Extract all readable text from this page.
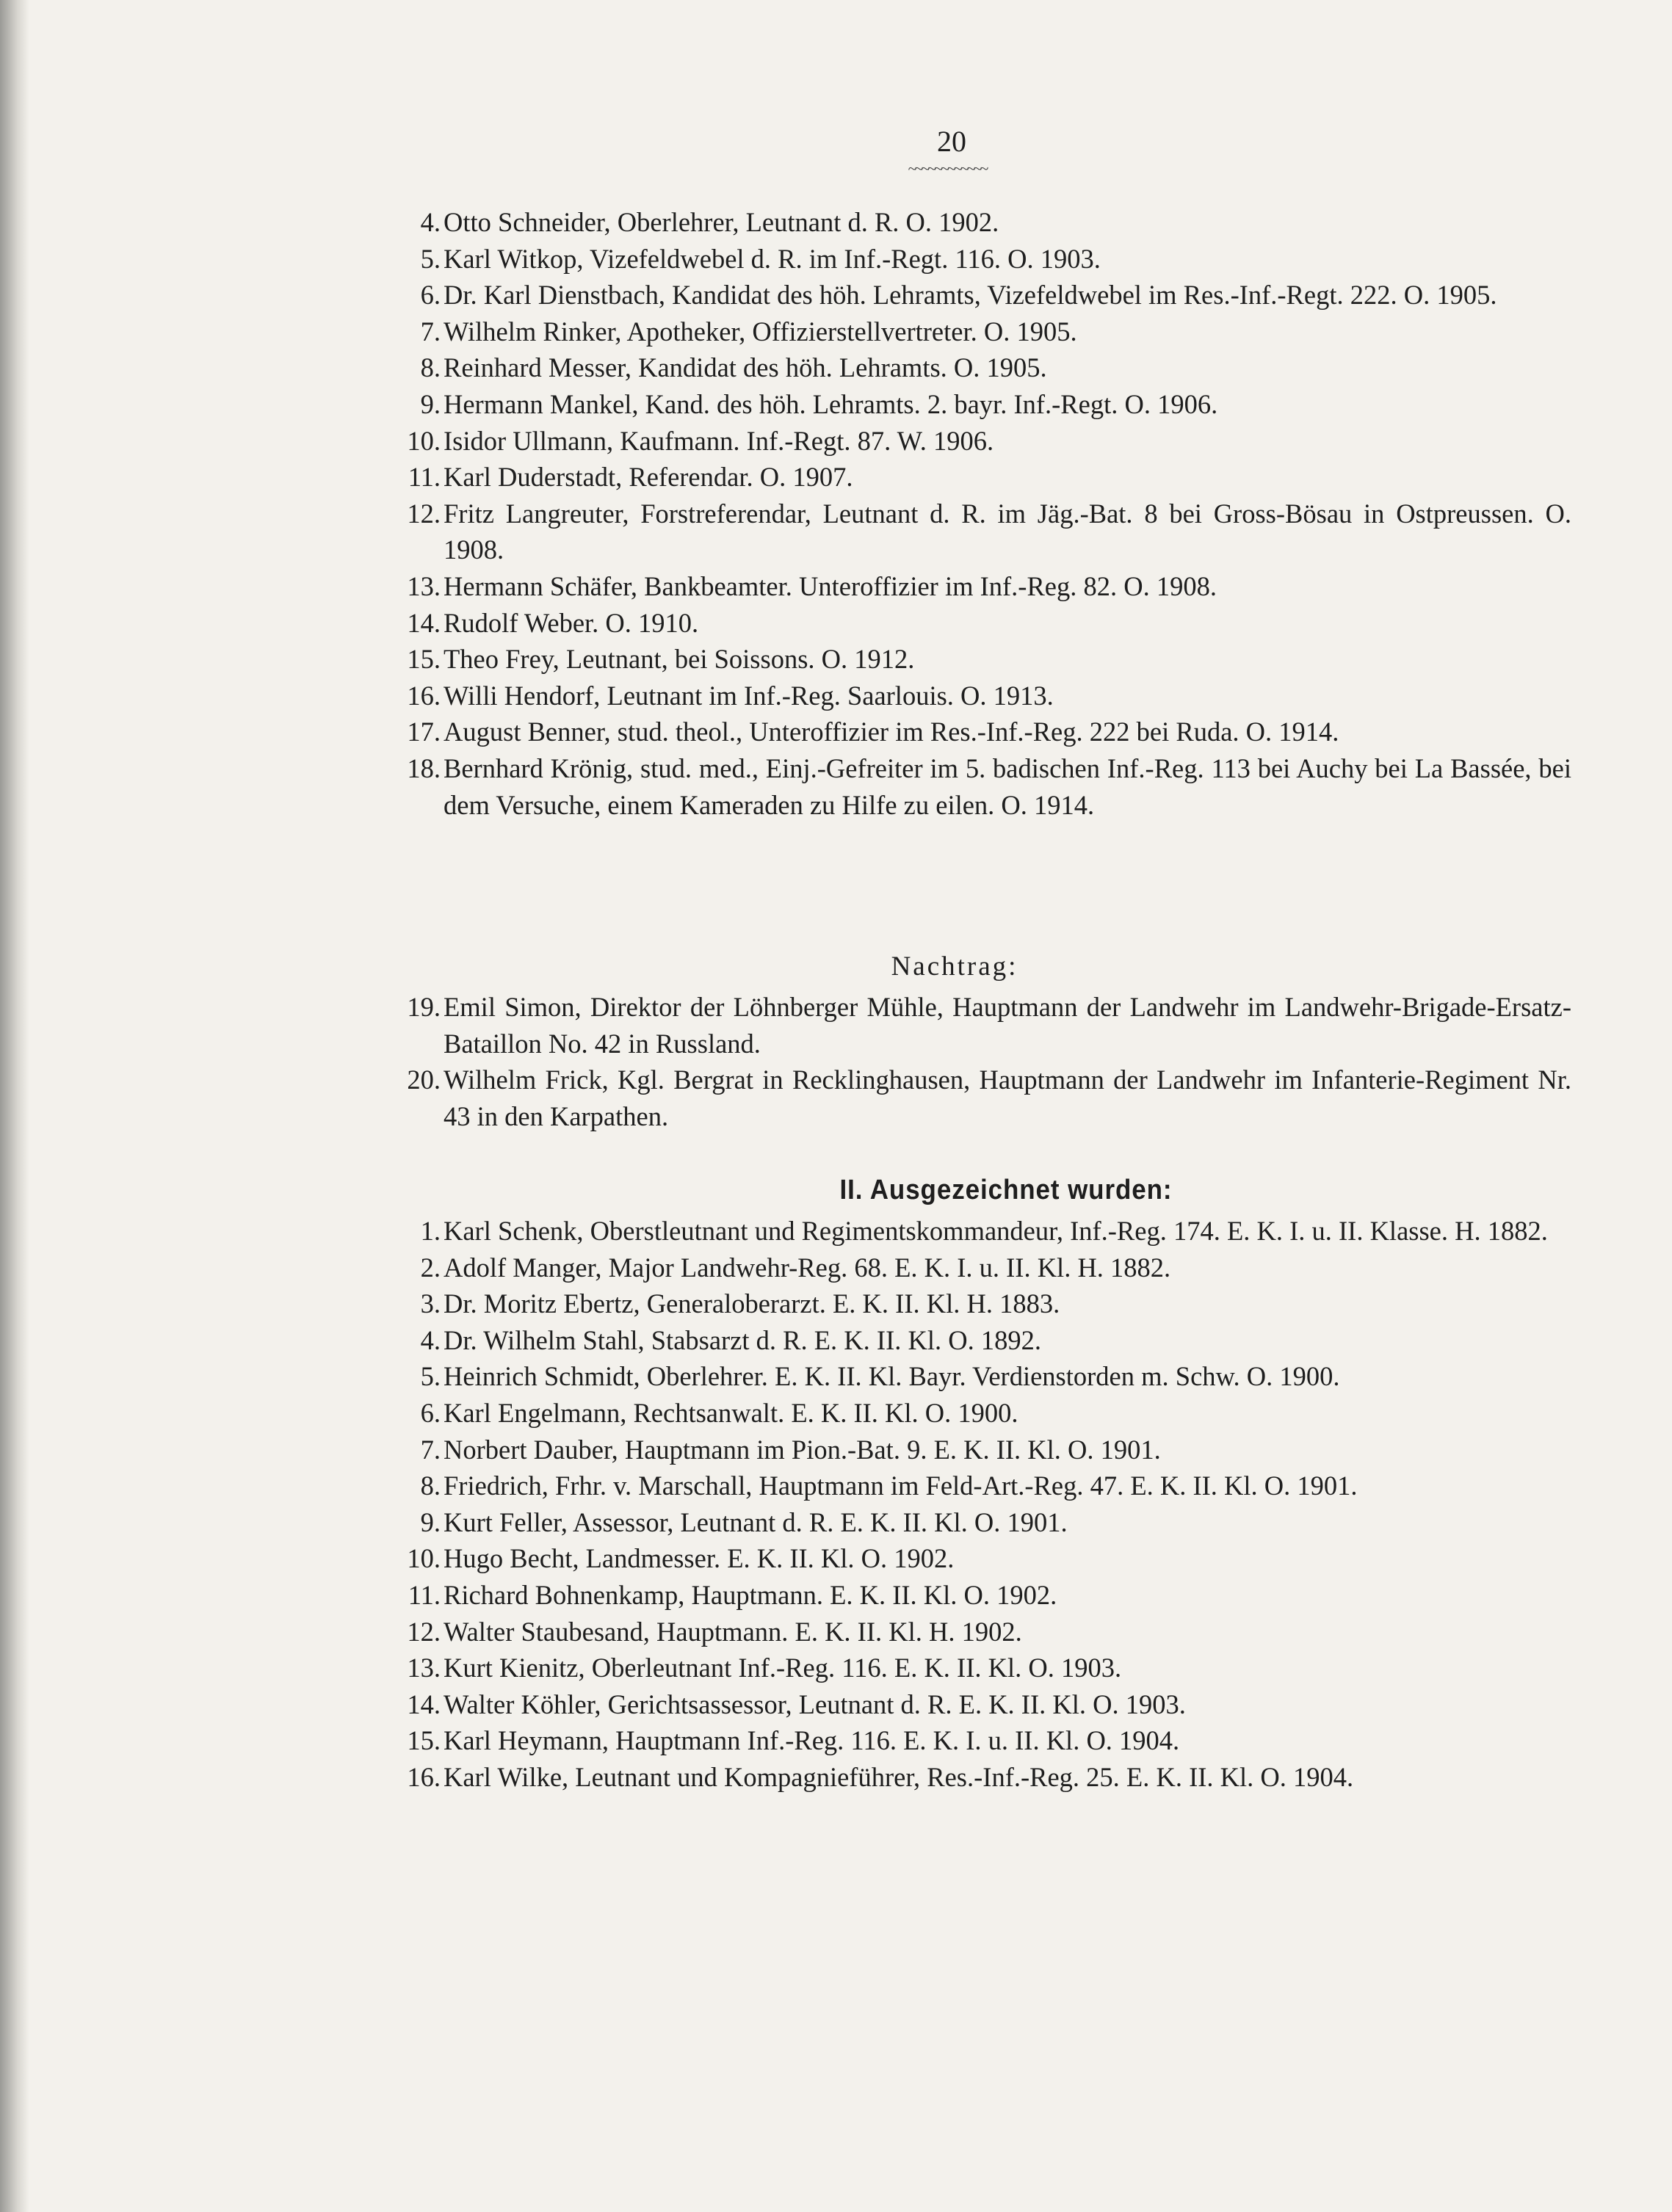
20
~~~~~~~~~~~~
4. Otto Schneider, Oberlehrer, Leutnant d. R. O. 1902.
5. Karl Witkop, Vizefeldwebel d. R. im Inf.-Regt. 116. O. 1903.
6. Dr. Karl Dienstbach, Kandidat des höh. Lehramts, Vizefeldwebel im Res.-Inf.-Regt. 222. O. 1905.
7. Wilhelm Rinker, Apotheker, Offizierstellvertreter. O. 1905.
8. Reinhard Messer, Kandidat des höh. Lehramts. O. 1905.
9. Hermann Mankel, Kand. des höh. Lehramts. 2. bayr. Inf.-Regt. O. 1906.
10. Isidor Ullmann, Kaufmann. Inf.-Regt. 87. W. 1906.
11. Karl Duderstadt, Referendar. O. 1907.
12. Fritz Langreuter, Forstreferendar, Leutnant d. R. im Jäg.-Bat. 8 bei Gross-Bösau in Ostpreussen. O. 1908.
13. Hermann Schäfer, Bankbeamter. Unteroffizier im Inf.-Reg. 82. O. 1908.
14. Rudolf Weber. O. 1910.
15. Theo Frey, Leutnant, bei Soissons. O. 1912.
16. Willi Hendorf, Leutnant im Inf.-Reg. Saarlouis. O. 1913.
17. August Benner, stud. theol., Unteroffizier im Res.-Inf.-Reg. 222 bei Ruda. O. 1914.
18. Bernhard Krönig, stud. med., Einj.-Gefreiter im 5. badischen Inf.-Reg. 113 bei Auchy bei La Bassée, bei dem Versuche, einem Kameraden zu Hilfe zu eilen. O. 1914.
Nachtrag:
19. Emil Simon, Direktor der Löhnberger Mühle, Hauptmann der Landwehr im Landwehr-Brigade-Ersatz-Bataillon No. 42 in Russland.
20. Wilhelm Frick, Kgl. Bergrat in Recklinghausen, Hauptmann der Landwehr im Infanterie-Regiment Nr. 43 in den Karpathen.
II. Ausgezeichnet wurden:
1. Karl Schenk, Oberstleutnant und Regimentskommandeur, Inf.-Reg. 174. E. K. I. u. II. Klasse. H. 1882.
2. Adolf Manger, Major Landwehr-Reg. 68. E. K. I. u. II. Kl. H. 1882.
3. Dr. Moritz Ebertz, Generaloberarzt. E. K. II. Kl. H. 1883.
4. Dr. Wilhelm Stahl, Stabsarzt d. R. E. K. II. Kl. O. 1892.
5. Heinrich Schmidt, Oberlehrer. E. K. II. Kl. Bayr. Verdienstorden m. Schw. O. 1900.
6. Karl Engelmann, Rechtsanwalt. E. K. II. Kl. O. 1900.
7. Norbert Dauber, Hauptmann im Pion.-Bat. 9. E. K. II. Kl. O. 1901.
8. Friedrich, Frhr. v. Marschall, Hauptmann im Feld-Art.-Reg. 47. E. K. II. Kl. O. 1901.
9. Kurt Feller, Assessor, Leutnant d. R. E. K. II. Kl. O. 1901.
10. Hugo Becht, Landmesser. E. K. II. Kl. O. 1902.
11. Richard Bohnenkamp, Hauptmann. E. K. II. Kl. O. 1902.
12. Walter Staubesand, Hauptmann. E. K. II. Kl. H. 1902.
13. Kurt Kienitz, Oberleutnant Inf.-Reg. 116. E. K. II. Kl. O. 1903.
14. Walter Köhler, Gerichtsassessor, Leutnant d. R. E. K. II. Kl. O. 1903.
15. Karl Heymann, Hauptmann Inf.-Reg. 116. E. K. I. u. II. Kl. O. 1904.
16. Karl Wilke, Leutnant und Kompagnieführer, Res.-Inf.-Reg. 25. E. K. II. Kl. O. 1904.
